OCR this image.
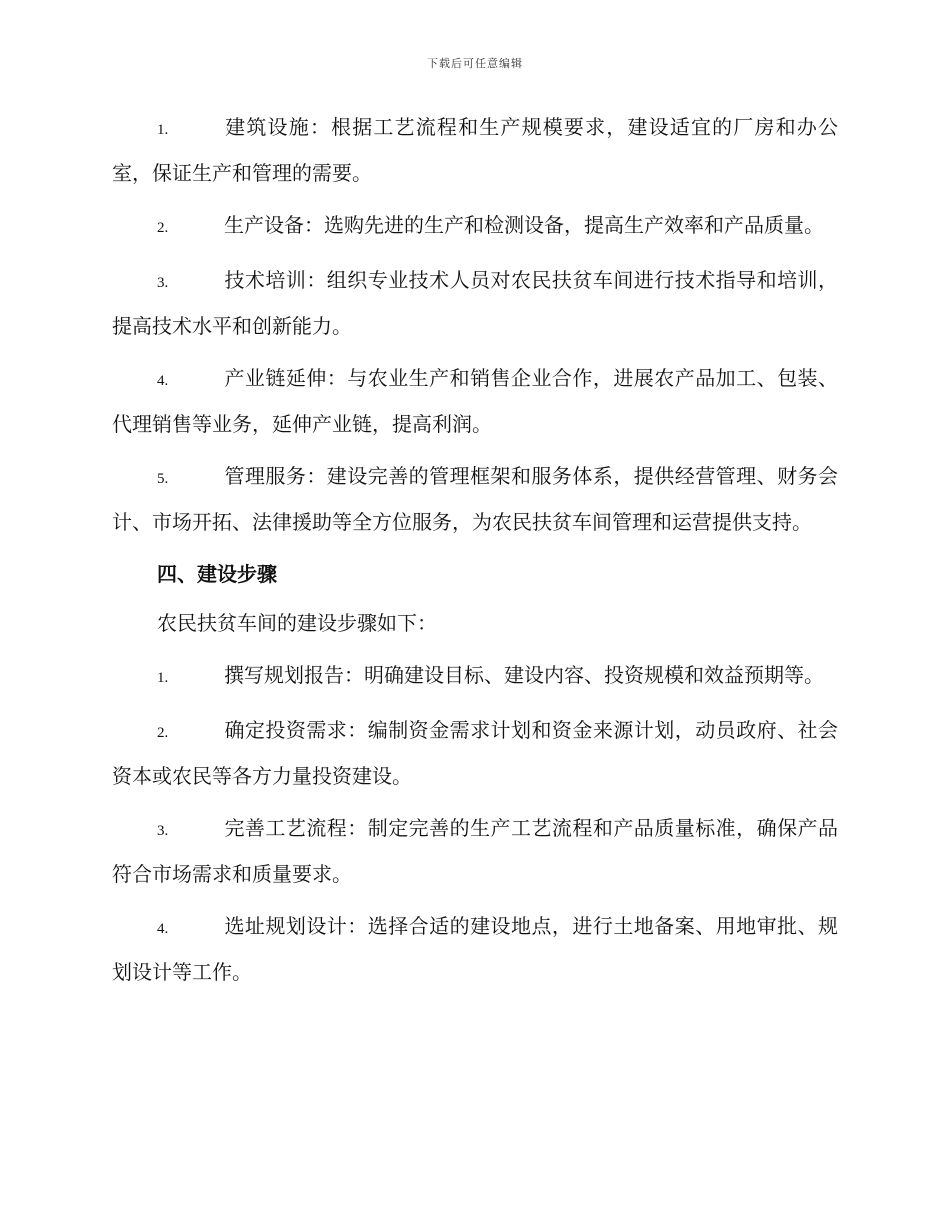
下载后可任意编辑

1.	建筑设施：根据工艺流程和生产规模要求，建设适宜的厂房和办公室，保证生产和管理的需要。

2.	生产设备：选购先进的生产和检测设备，提高生产效率和产品质量。

3.	技术培训：组织专业技术人员对农民扶贫车间进行技术指导和培训，提高技术水平和创新能力。

4.	产业链延伸：与农业生产和销售企业合作，进展农产品加工、包装、代理销售等业务，延伸产业链，提高利润。

5.	管理服务：建设完善的管理框架和服务体系，提供经营管理、财务会计、市场开拓、法律援助等全方位服务，为农民扶贫车间管理和运营提供支持。

四、建设步骤

农民扶贫车间的建设步骤如下：

1.	撰写规划报告：明确建设目标、建设内容、投资规模和效益预期等。

2.	确定投资需求：编制资金需求计划和资金来源计划，动员政府、社会资本或农民等各方力量投资建设。

3.	完善工艺流程：制定完善的生产工艺流程和产品质量标准，确保产品符合市场需求和质量要求。

4.	选址规划设计：选择合适的建设地点，进行土地备案、用地审批、规划设计等工作。
